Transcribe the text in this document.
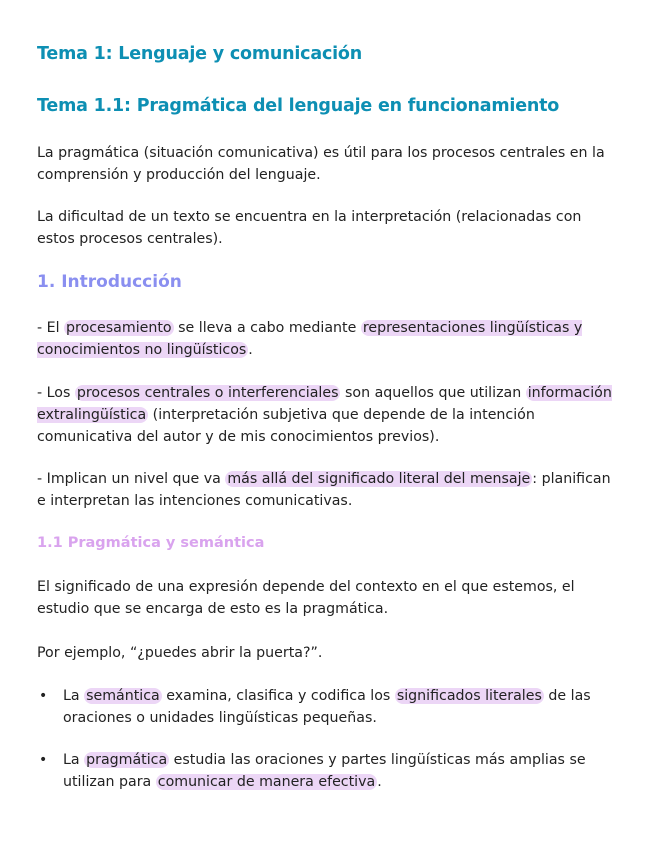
Tema 1: Lenguaje y comunicación
Tema 1.1: Pragmática del lenguaje en funcionamiento

La pragmática (situación comunicativa) es útil para los procesos centrales en la comprensión y producción del lenguaje.

La dificultad de un texto se encuentra en la interpretación (relacionadas con estos procesos centrales).

1. Introducción

- El procesamiento se lleva a cabo mediante representaciones lingüísticas y conocimientos no lingüísticos .

- Los procesos centrales o interferenciales son aquellos que utilizan información extralingüística (interpretación subjetiva que depende de la intención comunicativa del autor y de mis conocimientos previos).

- Implican un nivel que va más allá del significado literal del mensaje : planifican e interpretan las intenciones comunicativas.

1.1 Pragmática y semántica

El significado de una expresión depende del contexto en el que estemos, el estudio que se encarga de esto es la pragmática.

Por ejemplo, “¿puedes abrir la puerta?”.

• La semántica examina, clasifica y codifica los significados literales de las oraciones o unidades lingüísticas pequeñas.
• La pragmática estudia las oraciones y partes lingüísticas más amplias se utilizan para comunicar de manera efectiva .
